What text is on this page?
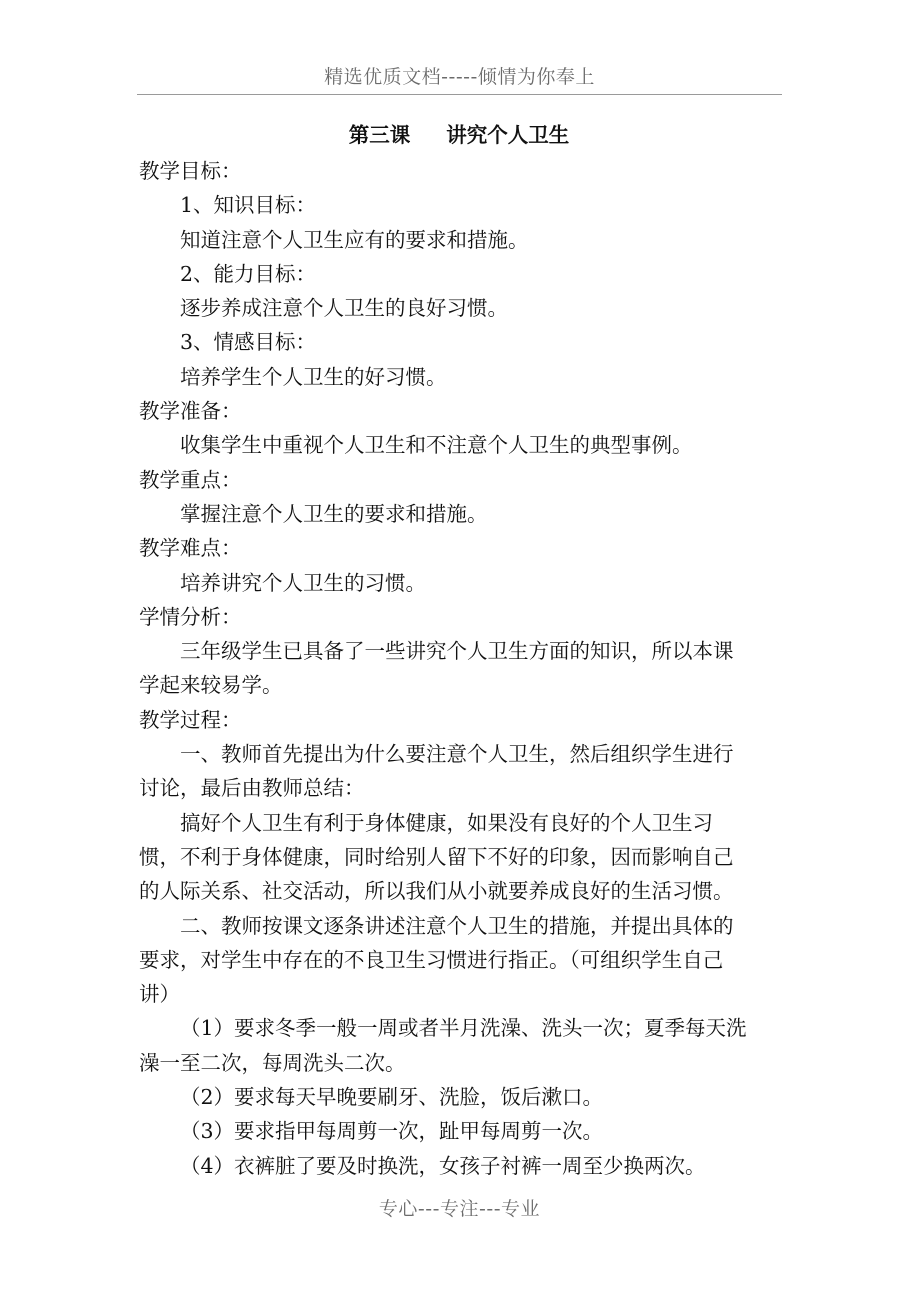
精选优质文档-----倾情为你奉上
第三课 讲究个人卫生
教学目标：
1、知识目标：
知道注意个人卫生应有的要求和措施。
2、能力目标：
逐步养成注意个人卫生的良好习惯。
3、情感目标：
培养学生个人卫生的好习惯。
教学准备：
收集学生中重视个人卫生和不注意个人卫生的典型事例。
教学重点：
掌握注意个人卫生的要求和措施。
教学难点：
培养讲究个人卫生的习惯。
学情分析：
三年级学生已具备了一些讲究个人卫生方面的知识，所以本课
学起来较易学。
教学过程：
一、教师首先提出为什么要注意个人卫生，然后组织学生进行
讨论，最后由教师总结：
搞好个人卫生有利于身体健康，如果没有良好的个人卫生习
惯，不利于身体健康，同时给别人留下不好的印象，因而影响自己
的人际关系、社交活动，所以我们从小就要养成良好的生活习惯。
二、教师按课文逐条讲述注意个人卫生的措施，并提出具体的
要求，对学生中存在的不良卫生习惯进行指正。（可组织学生自己
讲）
（1）要求冬季一般一周或者半月洗澡、洗头一次；夏季每天洗
澡一至二次，每周洗头二次。
（2）要求每天早晚要刷牙、洗脸，饭后漱口。
（3）要求指甲每周剪一次，趾甲每周剪一次。
（4）衣裤脏了要及时换洗，女孩子衬裤一周至少换两次。
专心---专注---专业
